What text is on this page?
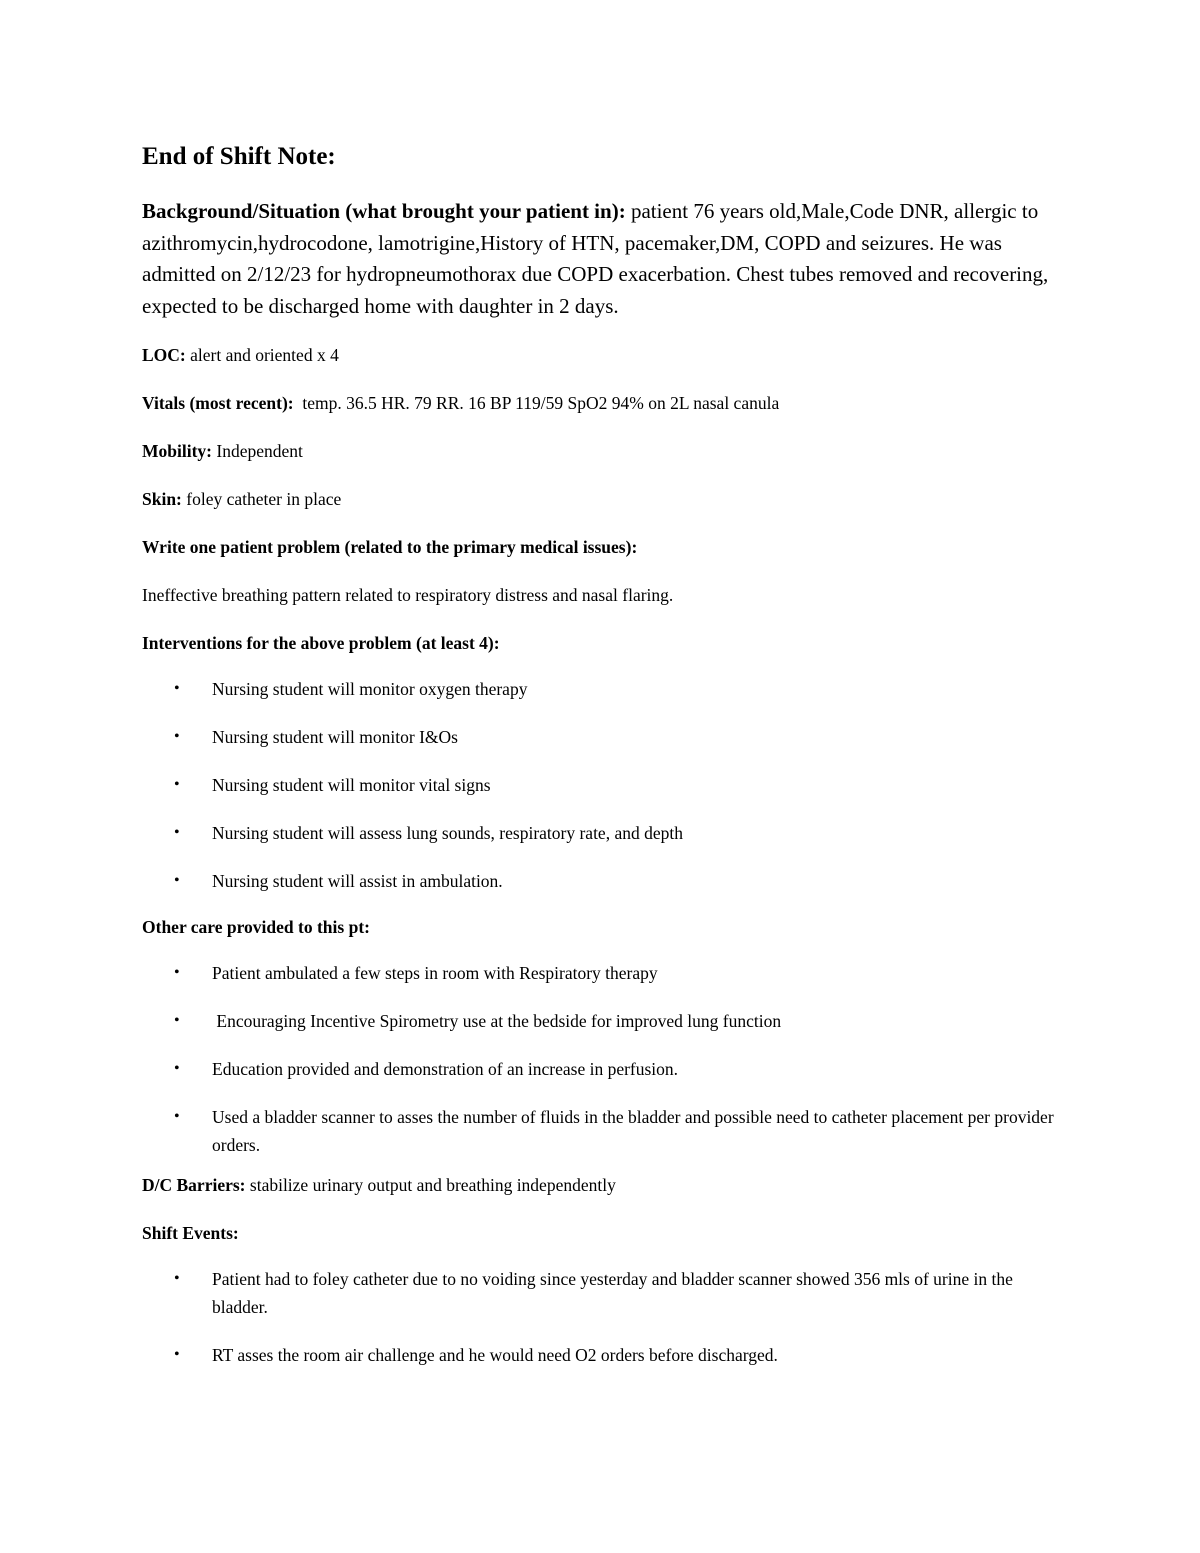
End of Shift Note:

Background/Situation (what brought your patient in): patient 76 years old,Male,Code DNR, allergic to azithromycin,hydrocodone, lamotrigine,History of HTN, pacemaker,DM, COPD and seizures. He was admitted on 2/12/23 for hydropneumothorax due COPD exacerbation. Chest tubes removed and recovering, expected to be discharged home with daughter in 2 days.

LOC: alert and oriented x 4

Vitals (most recent):  temp. 36.5 HR. 79 RR. 16 BP 119/59 SpO2 94% on 2L nasal canula

Mobility: Independent

Skin: foley catheter in place

Write one patient problem (related to the primary medical issues):

Ineffective breathing pattern related to respiratory distress and nasal flaring.

Interventions for the above problem (at least 4):

• Nursing student will monitor oxygen therapy
• Nursing student will monitor I&Os
• Nursing student will monitor vital signs
• Nursing student will assess lung sounds, respiratory rate, and depth
• Nursing student will assist in ambulation.

Other care provided to this pt:

• Patient ambulated a few steps in room with Respiratory therapy
• Encouraging Incentive Spirometry use at the bedside for improved lung function
• Education provided and demonstration of an increase in perfusion.
• Used a bladder scanner to asses the number of fluids in the bladder and possible need to catheter placement per provider orders.

D/C Barriers: stabilize urinary output and breathing independently

Shift Events:

• Patient had to foley catheter due to no voiding since yesterday and bladder scanner showed 356 mls of urine in the bladder.
• RT asses the room air challenge and he would need O2 orders before discharged.
